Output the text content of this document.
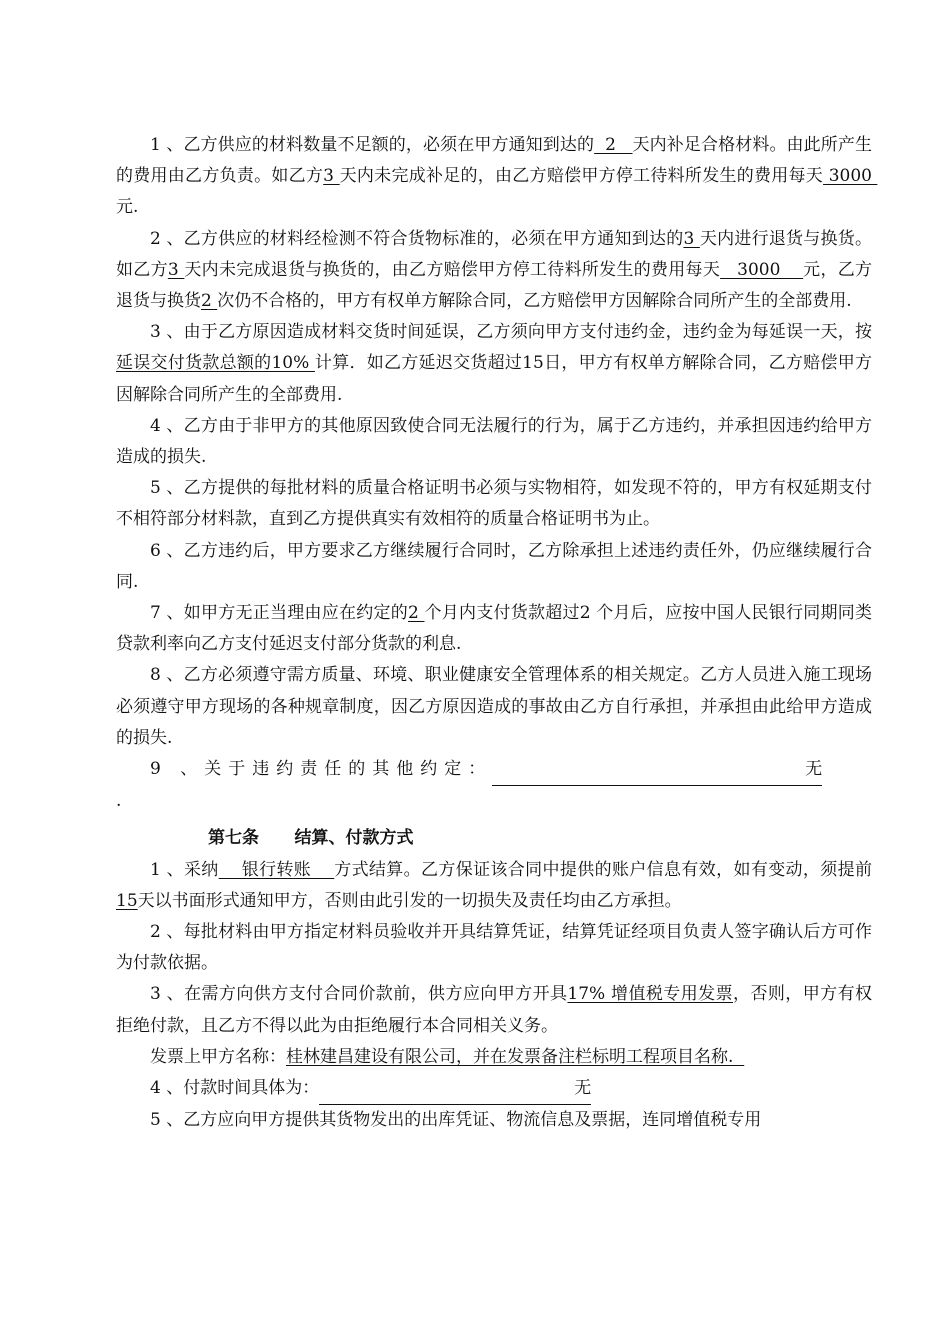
1 、乙方供应的材料数量不足额的，必须在甲方通知到达的  2   天内补足合格材料。由此所产生的费用由乙方负责。如乙方3 天内未完成补足的，由乙方赔偿甲方停工待料所发生的费用每天 3000 元.

2 、乙方供应的材料经检测不符合货物标准的，必须在甲方通知到达的3 天内进行退货与换货。如乙方3 天内未完成退货与换货的，由乙方赔偿甲方停工待料所发生的费用每天   3000    元，乙方退货与换货2 次仍不合格的，甲方有权单方解除合同，乙方赔偿甲方因解除合同所产生的全部费用.

3 、由于乙方原因造成材料交货时间延误，乙方须向甲方支付违约金，违约金为每延误一天，按延误交付货款总额的10% 计算．如乙方延迟交货超过15日，甲方有权单方解除合同，乙方赔偿甲方因解除合同所产生的全部费用.

4 、乙方由于非甲方的其他原因致使合同无法履行的行为，属于乙方违约，并承担因违约给甲方造成的损失.

5 、乙方提供的每批材料的质量合格证明书必须与实物相符，如发现不符的，甲方有权延期支付不相符部分材料款，直到乙方提供真实有效相符的质量合格证明书为止。

6 、乙方违约后，甲方要求乙方继续履行合同时，乙方除承担上述违约责任外，仍应继续履行合同.

7 、如甲方无正当理由应在约定的2 个月内支付货款超过2 个月后，应按中国人民银行同期同类贷款利率向乙方支付延迟支付部分货款的利息.

8 、乙方必须遵守需方质量、环境、职业健康安全管理体系的相关规定。乙方人员进入施工现场必须遵守甲方现场的各种规章制度，因乙方原因造成的事故由乙方自行承担，并承担由此给甲方造成的损失.

9 、关于违约责任的其他约定：	无

.

第七条      结算、付款方式

1 、采纳    银行转账    方式结算。乙方保证该合同中提供的账户信息有效，如有变动，须提前15天以书面形式通知甲方，否则由此引发的一切损失及责任均由乙方承担。

2 、每批材料由甲方指定材料员验收并开具结算凭证，结算凭证经项目负责人签字确认后方可作为付款依据。

3 、在需方向供方支付合同价款前，供方应向甲方开具17% 增值税专用发票，否则，甲方有权拒绝付款，且乙方不得以此为由拒绝履行本合同相关义务。

发票上甲方名称：桂林建昌建设有限公司，并在发票备注栏标明工程项目名称.

4 、付款时间具体为：	无

5 、乙方应向甲方提供其货物发出的出库凭证、物流信息及票据，连同增值税专用
